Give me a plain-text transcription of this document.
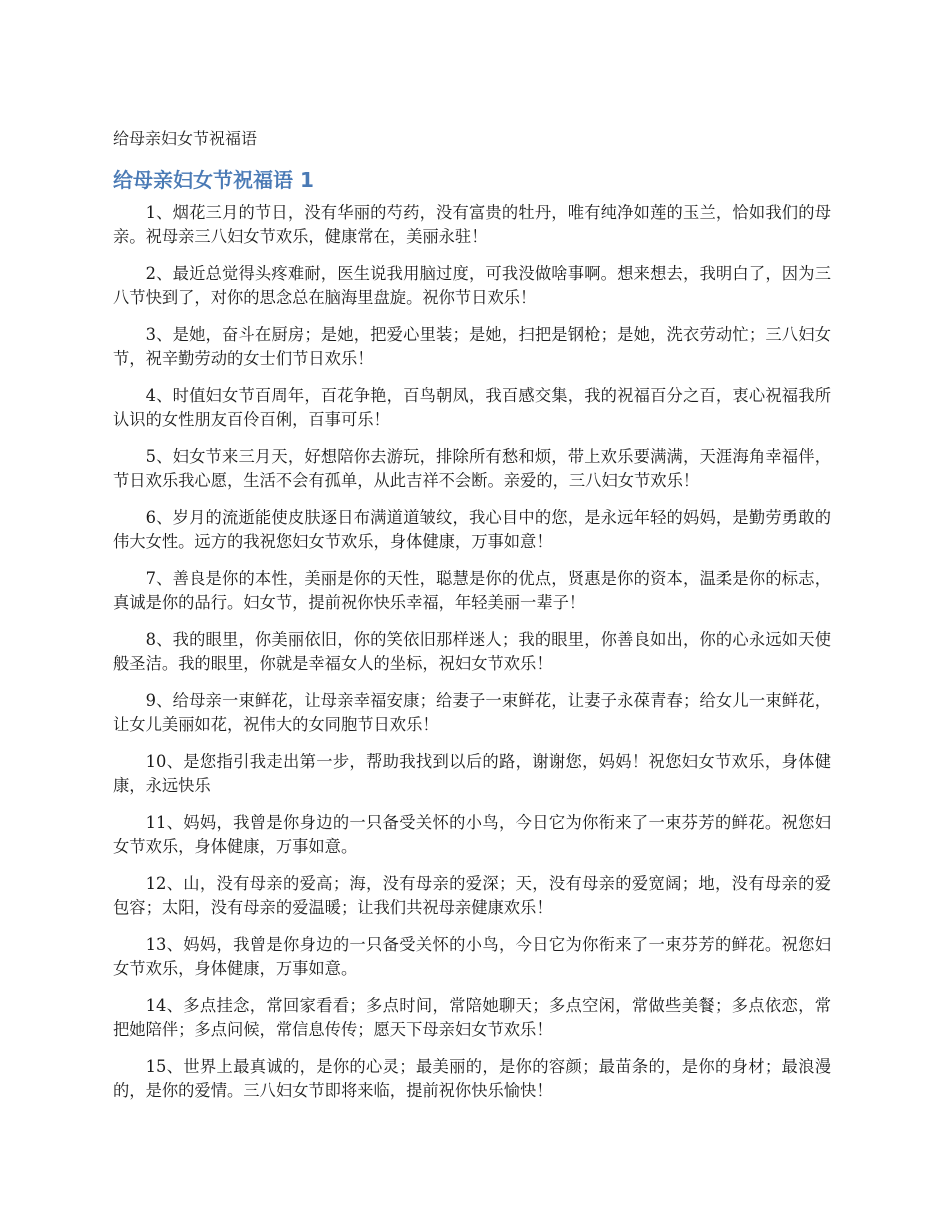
给母亲妇女节祝福语
给母亲妇女节祝福语 1

1、烟花三月的节日，没有华丽的芍药，没有富贵的牡丹，唯有纯净如莲的玉兰，恰如我们的母亲。祝母亲三八妇女节欢乐，健康常在，美丽永驻！

2、最近总觉得头疼难耐，医生说我用脑过度，可我没做啥事啊。想来想去，我明白了，因为三八节快到了，对你的思念总在脑海里盘旋。祝你节日欢乐！

3、是她，奋斗在厨房；是她，把爱心里装；是她，扫把是钢枪；是她，洗衣劳动忙；三八妇女节，祝辛勤劳动的女士们节日欢乐！

4、时值妇女节百周年，百花争艳，百鸟朝凤，我百感交集，我的祝福百分之百，衷心祝福我所认识的女性朋友百伶百俐，百事可乐！

5、妇女节来三月天，好想陪你去游玩，排除所有愁和烦，带上欢乐要满满，天涯海角幸福伴，节日欢乐我心愿，生活不会有孤单，从此吉祥不会断。亲爱的，三八妇女节欢乐！

6、岁月的流逝能使皮肤逐日布满道道皱纹，我心目中的您，是永远年轻的妈妈，是勤劳勇敢的伟大女性。远方的我祝您妇女节欢乐，身体健康，万事如意！

7、善良是你的本性，美丽是你的天性，聪慧是你的优点，贤惠是你的资本，温柔是你的标志，真诚是你的品行。妇女节，提前祝你快乐幸福，年轻美丽一辈子！

8、我的眼里，你美丽依旧，你的笑依旧那样迷人；我的眼里，你善良如出，你的心永远如天使般圣洁。我的眼里，你就是幸福女人的坐标，祝妇女节欢乐！

9、给母亲一束鲜花，让母亲幸福安康；给妻子一束鲜花，让妻子永葆青春；给女儿一束鲜花，让女儿美丽如花，祝伟大的女同胞节日欢乐！

10、是您指引我走出第一步，帮助我找到以后的路，谢谢您，妈妈！祝您妇女节欢乐，身体健康，永远快乐

11、妈妈，我曾是你身边的一只备受关怀的小鸟，今日它为你衔来了一束芬芳的鲜花。祝您妇女节欢乐，身体健康，万事如意。

12、山，没有母亲的爱高；海，没有母亲的爱深；天，没有母亲的爱宽阔；地，没有母亲的爱包容；太阳，没有母亲的爱温暖；让我们共祝母亲健康欢乐！

13、妈妈，我曾是你身边的一只备受关怀的小鸟，今日它为你衔来了一束芬芳的鲜花。祝您妇女节欢乐，身体健康，万事如意。

14、多点挂念，常回家看看；多点时间，常陪她聊天；多点空闲，常做些美餐；多点依恋，常把她陪伴；多点问候，常信息传传；愿天下母亲妇女节欢乐！

15、世界上最真诚的，是你的心灵；最美丽的，是你的容颜；最苗条的，是你的身材；最浪漫的，是你的爱情。三八妇女节即将来临，提前祝你快乐愉快！
